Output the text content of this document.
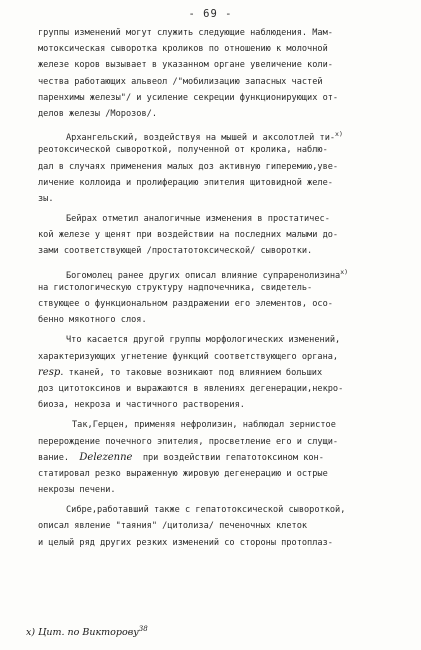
- 69 -
группы изменений могут служить следующие наблюдения. Мам-
мотоксическая сыворотка кроликов по отношению к молочной
железе коров вызывает в указанном органе увеличение коли-
чества работающих альвеол /"мобилизацию запасных частей
паренхимы железы"/ и усиление секреции функционирующих от-
делов железы /Морозов/.
Архангельский, воздействуя на мышей и аксолотлей ти-$^{х)}$
реотоксической сывороткой, полученной от кролика, наблю-
дал в случаях применения малых доз активную гиперемию,уве-
личение коллоида и пролиферацию эпителия щитовидной желе-
зы.
Бейрах отметил аналогичные изменения в простатичес-
кой железе у щенят при воздействии на последних малыми до-
зами соответствующей /простатотоксической/ сыворотки.
Богомолец ранее других описал влияние супраренолизина$^{х)}$
на гистологическую структуру надпочечника, свидетель-
ствующее о функциональном раздражении его элементов, осо-
бенно мякотного слоя.
Что касается другой группы морфологических изменений,
характеризующих угнетение функций соответствующего органа,
resp. тканей, то таковые возникают под влиянием больших
доз цитотоксинов и выражаются в явлениях дегенерации,некро-
биоза, некроза и частичного растворения.
Так,Герцен, применяя нефролизин, наблюдал зернистое
перерождение почечного эпителия, просветление его и слущи-
вание. Delezenne при воздействии гепатотоксином кон-
статировал резко выраженную жировую дегенерацию и острые
некрозы печени.
Сибре,работавший также с гепатотоксической сывороткой,
описал явление "таяния" /цитолиза/ печеночных клеток
и целый ряд других резких изменений со стороны протоплаз-
х) Цит. по Викторову$^{38}$
